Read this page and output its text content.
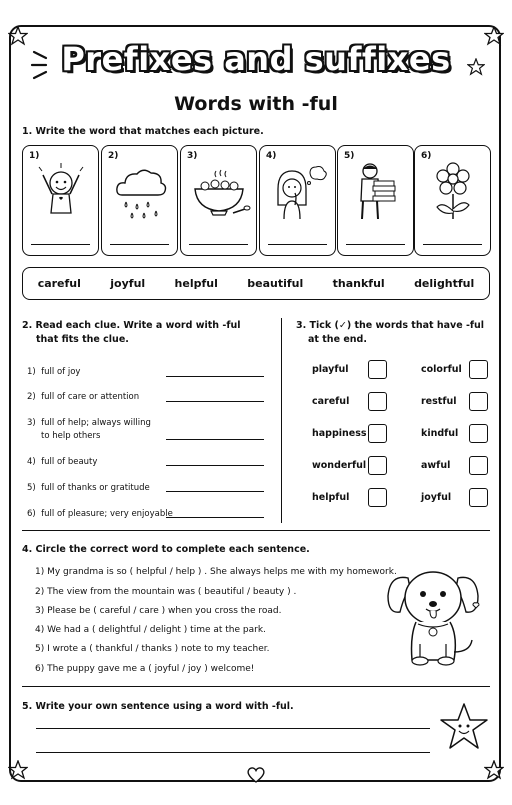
Prefixes and suffixes
Words with -ful
1. Write the word that matches each picture.
1)	2)	3)	4)	5)	6)
careful	joyful	helpful	beautiful	thankful	delightful
2. Read each clue. Write a word with -ful
that fits the clue.
1) full of joy
2) full of care or attention
3) full of help; always willing
to help others
4) full of beauty
5) full of thanks or gratitude
6) full of pleasure; very enjoyable
3. Tick (✓) the words that have -ful
at the end.
playful	colorful
careful	restful
happiness	kindful
wonderful	awful
helpful	joyful
4. Circle the correct word to complete each sentence.
1) My grandma is so ( helpful / help ) . She always helps me with my homework.
2) The view from the mountain was ( beautiful / beauty ) .
3) Please be ( careful / care ) when you cross the road.
4) We had a ( delightful / delight ) time at the park.
5) I wrote a ( thankful / thanks ) note to my teacher.
6) The puppy gave me a ( joyful / joy ) welcome!
5. Write your own sentence using a word with -ful.
